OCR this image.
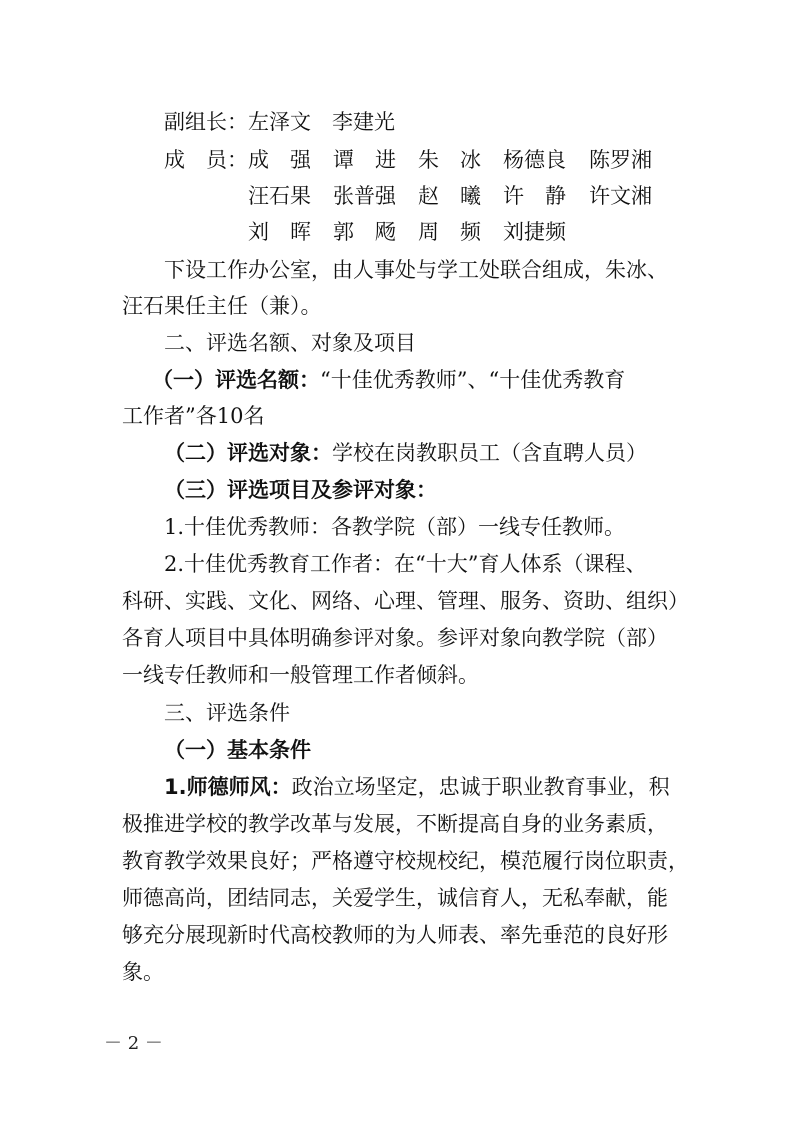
副组长：左泽文　李建光
成　员： 成　强 谭　进 朱　冰 杨德良 陈罗湘
汪石果 张普强 赵　曦 许　静 许文湘
刘　晖 郭　飏 周　频 刘捷频
下设工作办公室，由人事处与学工处联合组成，朱冰、
汪石果任主任（兼）。
二、评选名额、对象及项目
（一）评选名额：“十佳优秀教师”、“十佳优秀教育
工作者”各10名
（二）评选对象：学校在岗教职员工（含直聘人员）
（三）评选项目及参评对象：
1.十佳优秀教师：各教学院（部）一线专任教师。
2.十佳优秀教育工作者：在“十大”育人体系（课程、
科研、实践、文化、网络、心理、管理、服务、资助、组织）
各育人项目中具体明确参评对象。参评对象向教学院（部）
一线专任教师和一般管理工作者倾斜。
三、评选条件
（一）基本条件
1.师德师风：政治立场坚定，忠诚于职业教育事业，积
极推进学校的教学改革与发展，不断提高自身的业务素质，
教育教学效果良好；严格遵守校规校纪，模范履行岗位职责，
师德高尚，团结同志，关爱学生，诚信育人，无私奉献，能
够充分展现新时代高校教师的为人师表、率先垂范的良好形
象。
－ 2 －
